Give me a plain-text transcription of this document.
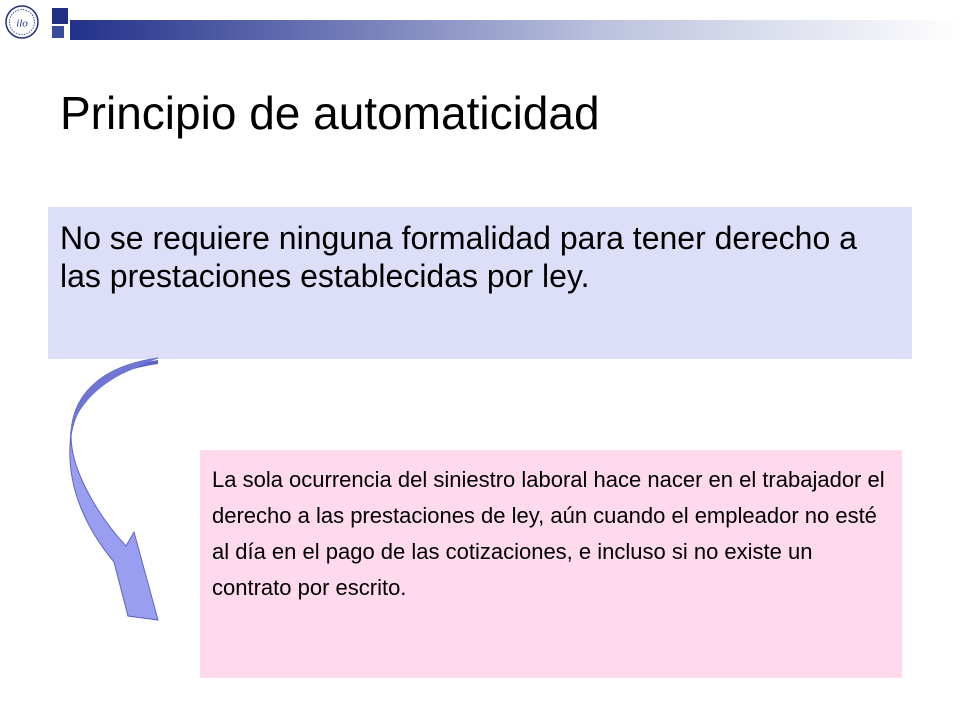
ilo
Principio de automaticidad

No se requiere ninguna formalidad para tener derecho a las prestaciones establecidas por ley.

La sola ocurrencia del siniestro laboral hace nacer en el trabajador el derecho a las prestaciones de ley, aún cuando el empleador no esté al día en el pago de las cotizaciones, e incluso si no existe un contrato por escrito.
